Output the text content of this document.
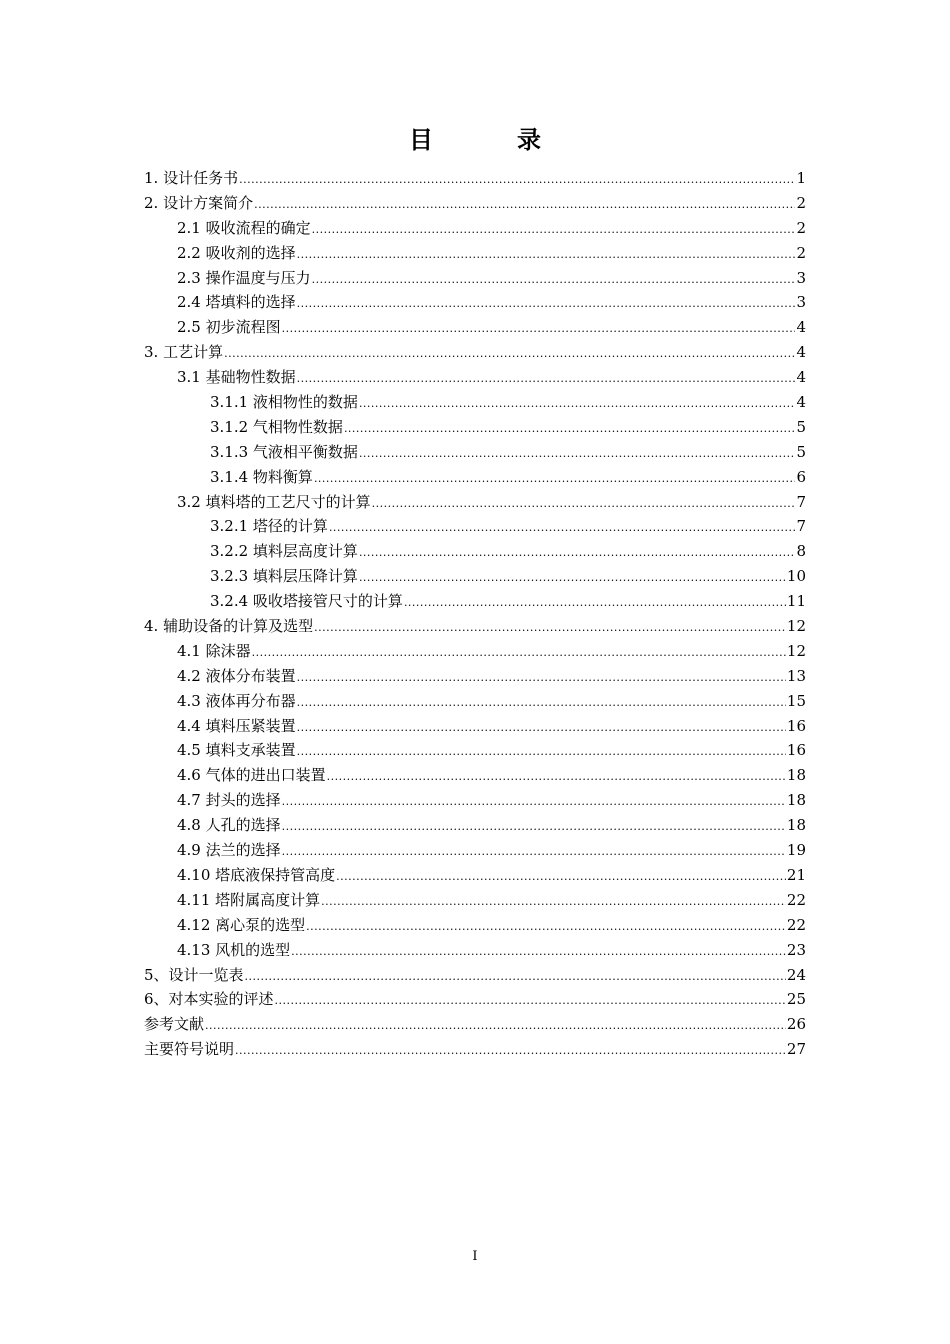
目　录
1. 设计任务书 .....	1
2. 设计方案简介 .....	2
2.1 吸收流程的确定 .....	2
2.2 吸收剂的选择 .....	2
2.3 操作温度与压力 .....	3
2.4 塔填料的选择 .....	3
2.5 初步流程图 .....	4
3. 工艺计算 .....	4
3.1 基础物性数据 .....	4
3.1.1 液相物性的数据 .....	4
3.1.2 气相物性数据 .....	5
3.1.3 气液相平衡数据 .....	5
3.1.4 物料衡算 .....	6
3.2 填料塔的工艺尺寸的计算 .....	7
3.2.1 塔径的计算 .....	7
3.2.2 填料层高度计算 .....	8
3.2.3 填料层压降计算 .....	10
3.2.4 吸收塔接管尺寸的计算 .....	11
4. 辅助设备的计算及选型 .....	12
4.1 除沫器 .....	12
4.2 液体分布装置 .....	13
4.3 液体再分布器 .....	15
4.4 填料压紧装置 .....	16
4.5 填料支承装置 .....	16
4.6 气体的进出口装置 .....	18
4.7 封头的选择 .....	18
4.8 人孔的选择 .....	18
4.9 法兰的选择 .....	19
4.10 塔底液保持管高度 .....	21
4.11 塔附属高度计算 .....	22
4.12 离心泵的选型 .....	22
4.13 风机的选型 .....	23
5、设计一览表 .....	24
6、对本实验的评述 .....	25
参考文献 .....	26
主要符号说明 .....	27
I
